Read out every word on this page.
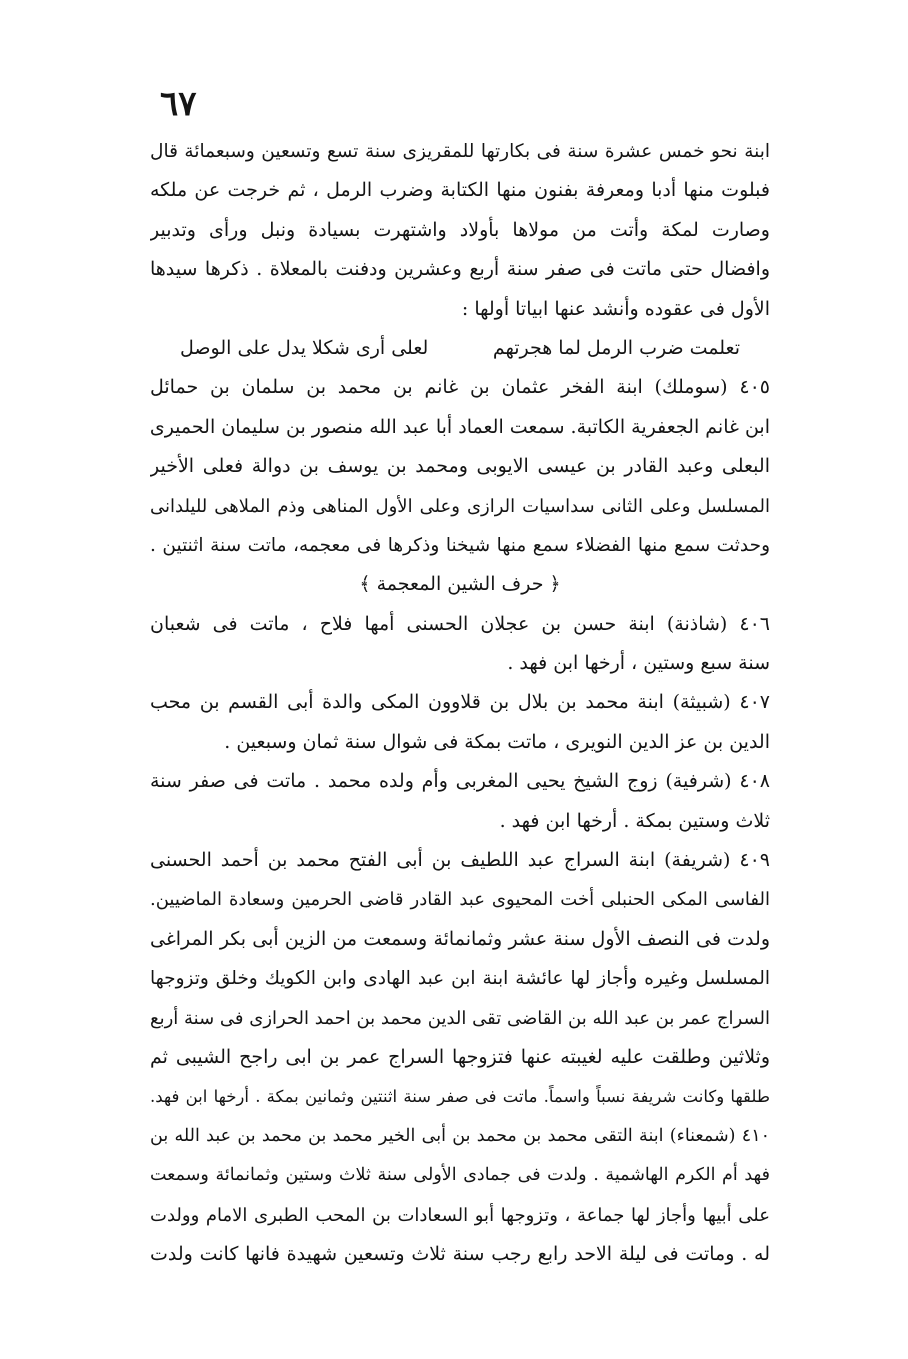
٦٧
ابنة نحو خمس عشرة سنة فى بكارتها للمقريزى سنة تسع وتسعين وسبعمائة قال
فبلوت منها أدبا ومعرفة بفنون منها الكتابة وضرب الرمل ، ثم خرجت عن ملكه
وصارت لمكة وأتت من مولاها بأولاد واشتهرت بسيادة ونبل ورأى وتدبير
وافضال حتى ماتت فى صفر سنة أربع وعشرين ودفنت بالمعلاة . ذكرها سيدها
الأول فى عقوده وأنشد عنها ابياتا أولها :
تعلمت ضرب الرمل لما هجرتهم
لعلى أرى شكلا يدل على الوصل
٤٠٥ (سوملك) ابنة الفخر عثمان بن غانم بن محمد بن سلمان بن حمائل
ابن غانم الجعفرية الكاتبة. سمعت العماد أبا عبد الله منصور بن سليمان الحميرى
البعلى وعبد القادر بن عيسى الايوبى ومحمد بن يوسف بن دوالة فعلى الأخير
المسلسل وعلى الثانى سداسيات الرازى وعلى الأول المناهى وذم الملاهى لليلدانى
وحدثت سمع منها الفضلاء سمع منها شيخنا وذكرها فى معجمه، ماتت سنة اثنتين .
﴿ حرف الشين المعجمة ﴾
٤٠٦ (شاذنة) ابنة حسن بن عجلان الحسنى أمها فلاح ، ماتت فى شعبان
سنة سبع وستين ، أرخها ابن فهد .
٤٠٧ (شبيثة) ابنة محمد بن بلال بن قلاوون المكى والدة أبى القسم بن محب
الدين بن عز الدين النويرى ، ماتت بمكة فى شوال سنة ثمان وسبعين .
٤٠٨ (شرفية) زوج الشيخ يحيى المغربى وأم ولده محمد . ماتت فى صفر سنة
ثلاث وستين بمكة . أرخها ابن فهد .
٤٠٩ (شريفة) ابنة السراج عبد اللطيف بن أبى الفتح محمد بن أحمد الحسنى
الفاسى المكى الحنبلى أخت المحيوى عبد القادر قاضى الحرمين وسعادة الماضيين.
ولدت فى النصف الأول سنة عشر وثمانمائة وسمعت من الزين أبى بكر المراغى
المسلسل وغيره وأجاز لها عائشة ابنة ابن عبد الهادى وابن الكويك وخلق وتزوجها
السراج عمر بن عبد الله بن القاضى تقى الدين محمد بن احمد الحرازى فى سنة أربع
وثلاثين وطلقت عليه لغيبته عنها فتزوجها السراج عمر بن ابى راجح الشيبى ثم
طلقها وكانت شريفة نسباً واسماً. ماتت فى صفر سنة اثنتين وثمانين بمكة . أرخها ابن فهد.
٤١٠ (شمعناء) ابنة التقى محمد بن محمد بن أبى الخير محمد بن محمد بن عبد الله بن
فهد أم الكرم الهاشمية . ولدت فى جمادى الأولى سنة ثلاث وستين وثمانمائة وسمعت
على أبيها وأجاز لها جماعة ، وتزوجها أبو السعادات بن المحب الطبرى الامام وولدت
له . وماتت فى ليلة الاحد رابع رجب سنة ثلاث وتسعين شهيدة فانها كانت ولدت
